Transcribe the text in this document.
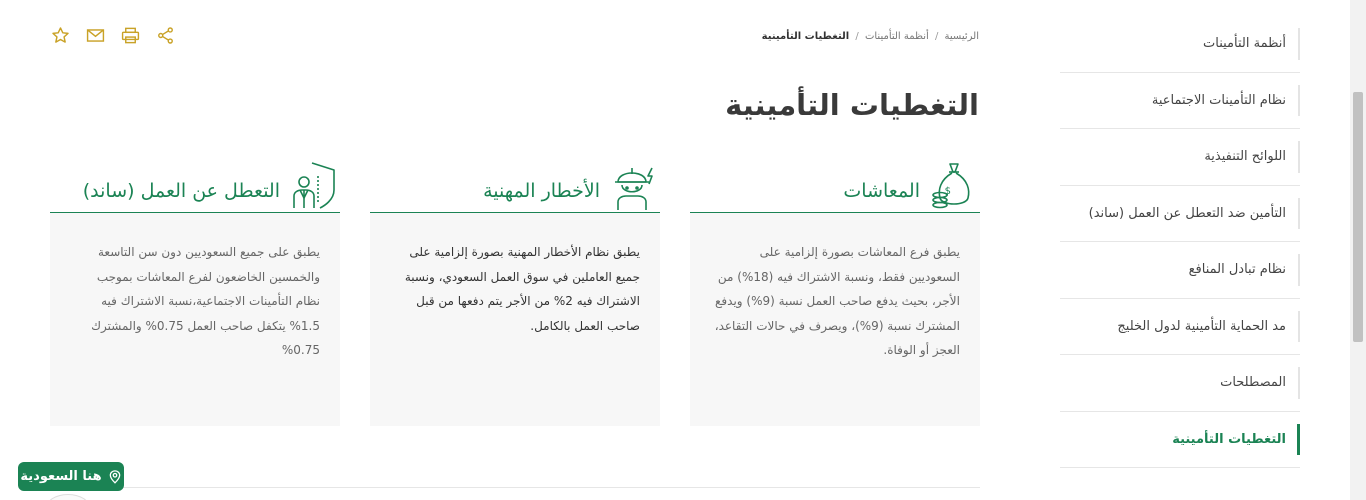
الرئيسية / أنظمة التأمينات / التغطيات التأمينية
التغطيات التأمينية
$
المعاشات
يطبق فرع المعاشات بصورة إلزامية على السعوديين فقط، ونسبة الاشتراك فيه (18%) من الأجر، بحيث يدفع صاحب العمل نسبة (9%) ويدفع المشترك نسبة (9%)، ويصرف في حالات التقاعد، العجز أو الوفاة.
الأخطار المهنية
يطبق نظام الأخطار المهنية بصورة إلزامية على جميع العاملين في سوق العمل السعودي، ونسبة الاشتراك فيه 2% من الأجر يتم دفعها من قبل صاحب العمل بالكامل.
التعطل عن العمل (ساند)
يطبق على جميع السعوديين دون سن التاسعة والخمسين الخاضعون لفرع المعاشات بموجب نظام التأمينات الاجتماعية،نسبة الاشتراك فيه 1.5% يتكفل صاحب العمل 0.75% والمشترك 0.75%
أنظمة التأمينات
نظام التأمينات الاجتماعية
اللوائح التنفيذية
التأمين ضد التعطل عن العمل (ساند)
نظام تبادل المنافع
مد الحماية التأمينية لدول الخليج
المصطلحات
التغطيات التأمينية
هنا السعودية
